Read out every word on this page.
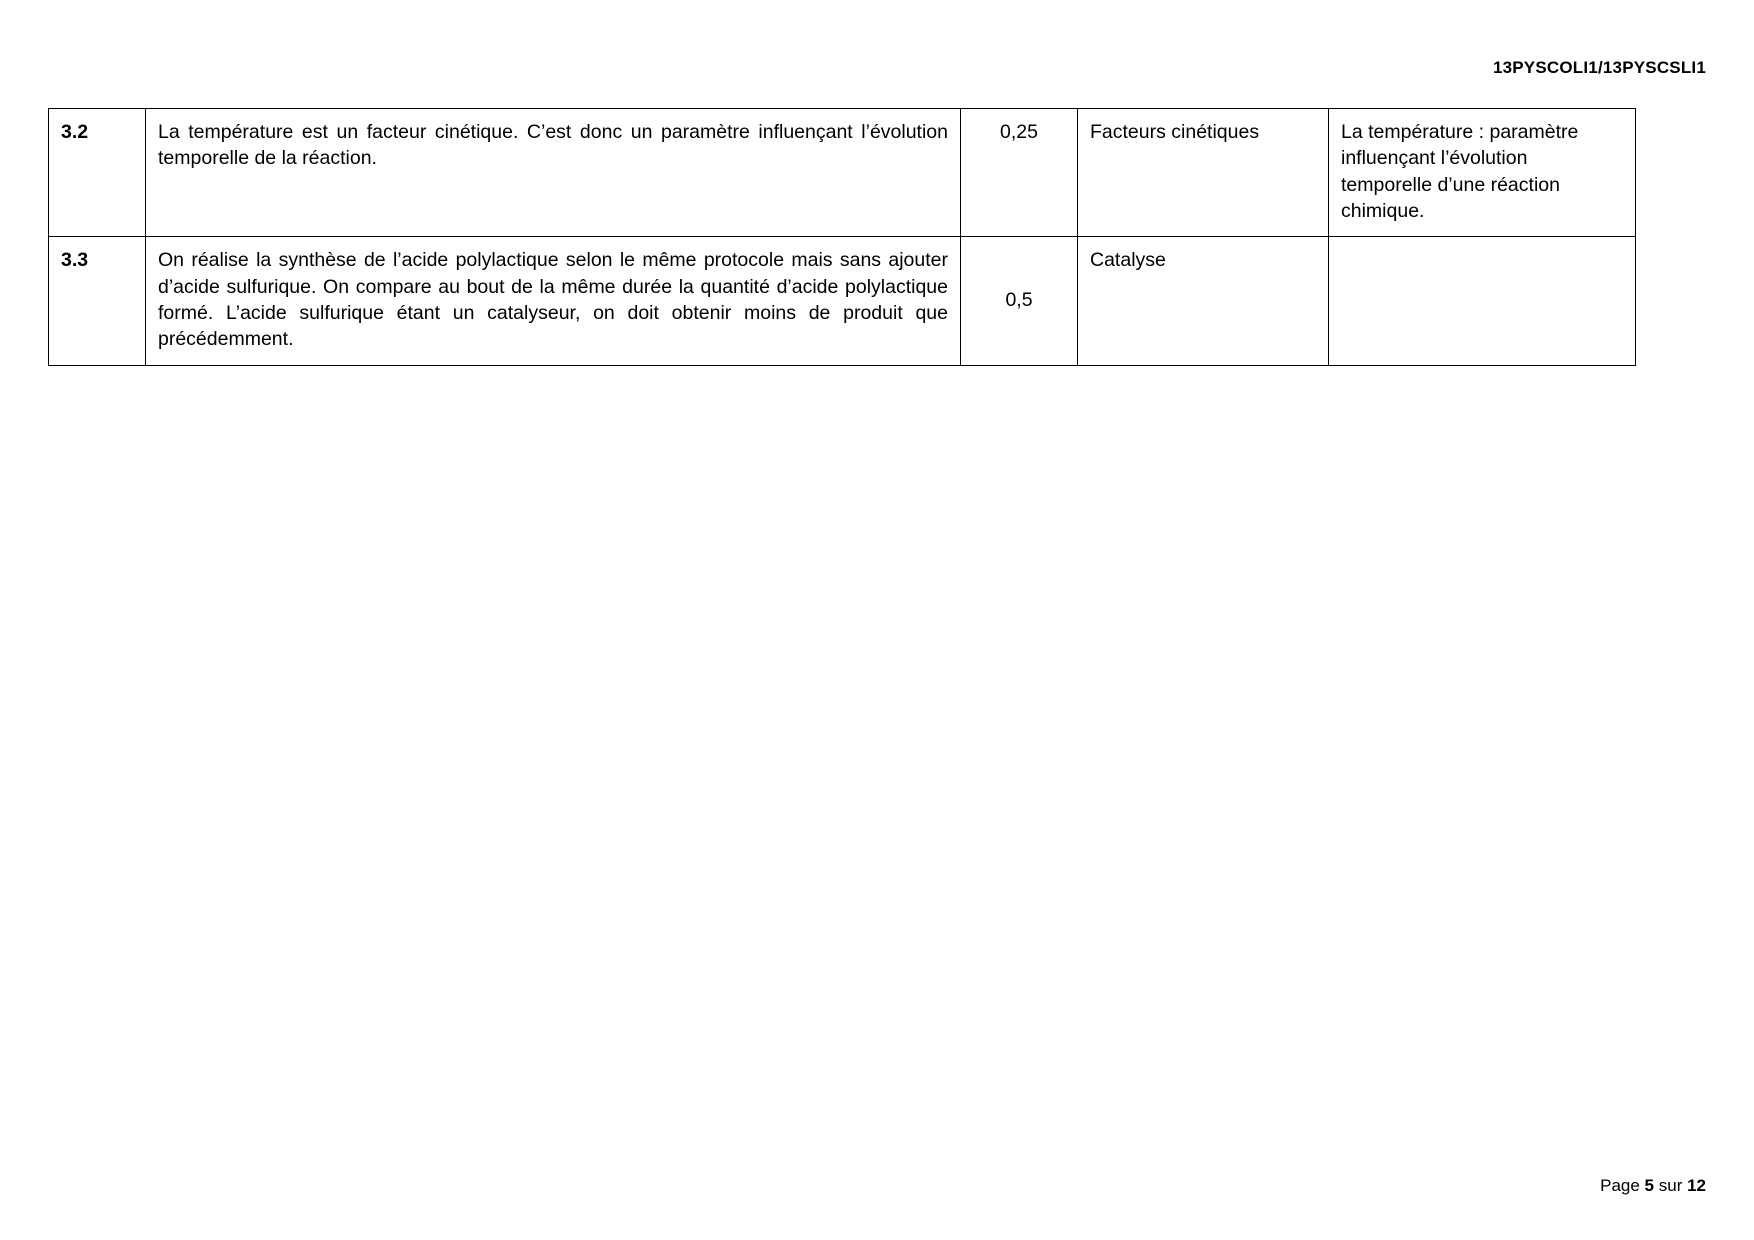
13PYSCOLI1/13PYSCSLI1
3.2	La température est un facteur cinétique. C’est donc un paramètre influençant l’évolution temporelle de la réaction.	0,25	Facteurs cinétiques	La température : paramètre influençant l’évolution temporelle d’une réaction chimique.
3.3	On réalise la synthèse de l’acide polylactique selon le même protocole mais sans ajouter d’acide sulfurique. On compare au bout de la même durée la quantité d’acide polylactique formé. L’acide sulfurique étant un catalyseur, on doit obtenir moins de produit que précédemment.	0,5	Catalyse	
Page 5 sur 12
